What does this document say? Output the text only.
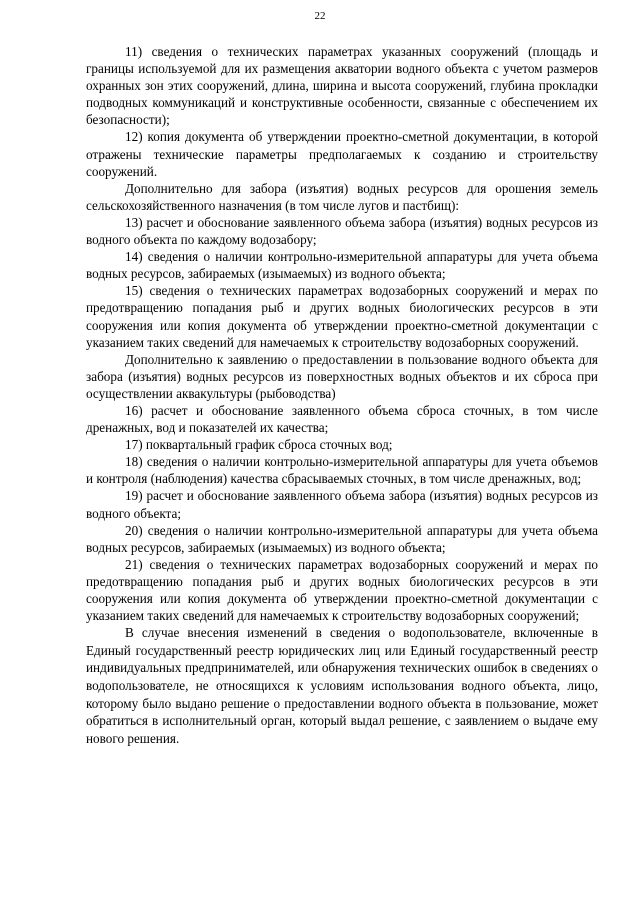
22

11) сведения о технических параметрах указанных сооружений (площадь и границы используемой для их размещения акватории водного объекта с учетом размеров охранных зон этих сооружений, длина, ширина и высота сооружений, глубина прокладки подводных коммуникаций и конструктивные особенности, связанные с обеспечением их безопасности);

12) копия документа об утверждении проектно-сметной документации, в которой отражены технические параметры предполагаемых к созданию и строительству сооружений.

Дополнительно для забора (изъятия) водных ресурсов для орошения земель сельскохозяйственного назначения (в том числе лугов и пастбищ):

13) расчет и обоснование заявленного объема забора (изъятия) водных ресурсов из водного объекта по каждому водозабору;

14) сведения о наличии контрольно-измерительной аппаратуры для учета объема водных ресурсов, забираемых (изымаемых) из водного объекта;

15) сведения о технических параметрах водозаборных сооружений и мерах по предотвращению попадания рыб и других водных биологических ресурсов в эти сооружения или копия документа об утверждении проектно-сметной документации с указанием таких сведений для намечаемых к строительству водозаборных сооружений.

Дополнительно к заявлению о предоставлении в пользование водного объекта для забора (изъятия) водных ресурсов из поверхностных водных объектов и их сброса при осуществлении аквакультуры (рыбоводства)

16) расчет и обоснование заявленного объема сброса сточных, в том числе дренажных, вод и показателей их качества;

17) поквартальный график сброса сточных вод;

18) сведения о наличии контрольно-измерительной аппаратуры для учета объемов и контроля (наблюдения) качества сбрасываемых сточных, в том числе дренажных, вод;

19) расчет и обоснование заявленного объема забора (изъятия) водных ресурсов из водного объекта;

20) сведения о наличии контрольно-измерительной аппаратуры для учета объема водных ресурсов, забираемых (изымаемых) из водного объекта;

21) сведения о технических параметрах водозаборных сооружений и мерах по предотвращению попадания рыб и других водных биологических ресурсов в эти сооружения или копия документа об утверждении проектно-сметной документации с указанием таких сведений для намечаемых к строительству водозаборных сооружений;

В случае внесения изменений в сведения о водопользователе, включенные в Единый государственный реестр юридических лиц или Единый государственный реестр индивидуальных предпринимателей, или обнаружения технических ошибок в сведениях о водопользователе, не относящихся к условиям использования водного объекта, лицо, которому было выдано решение о предоставлении водного объекта в пользование, может обратиться в исполнительный орган, который выдал решение, с заявлением о выдаче ему нового решения.
